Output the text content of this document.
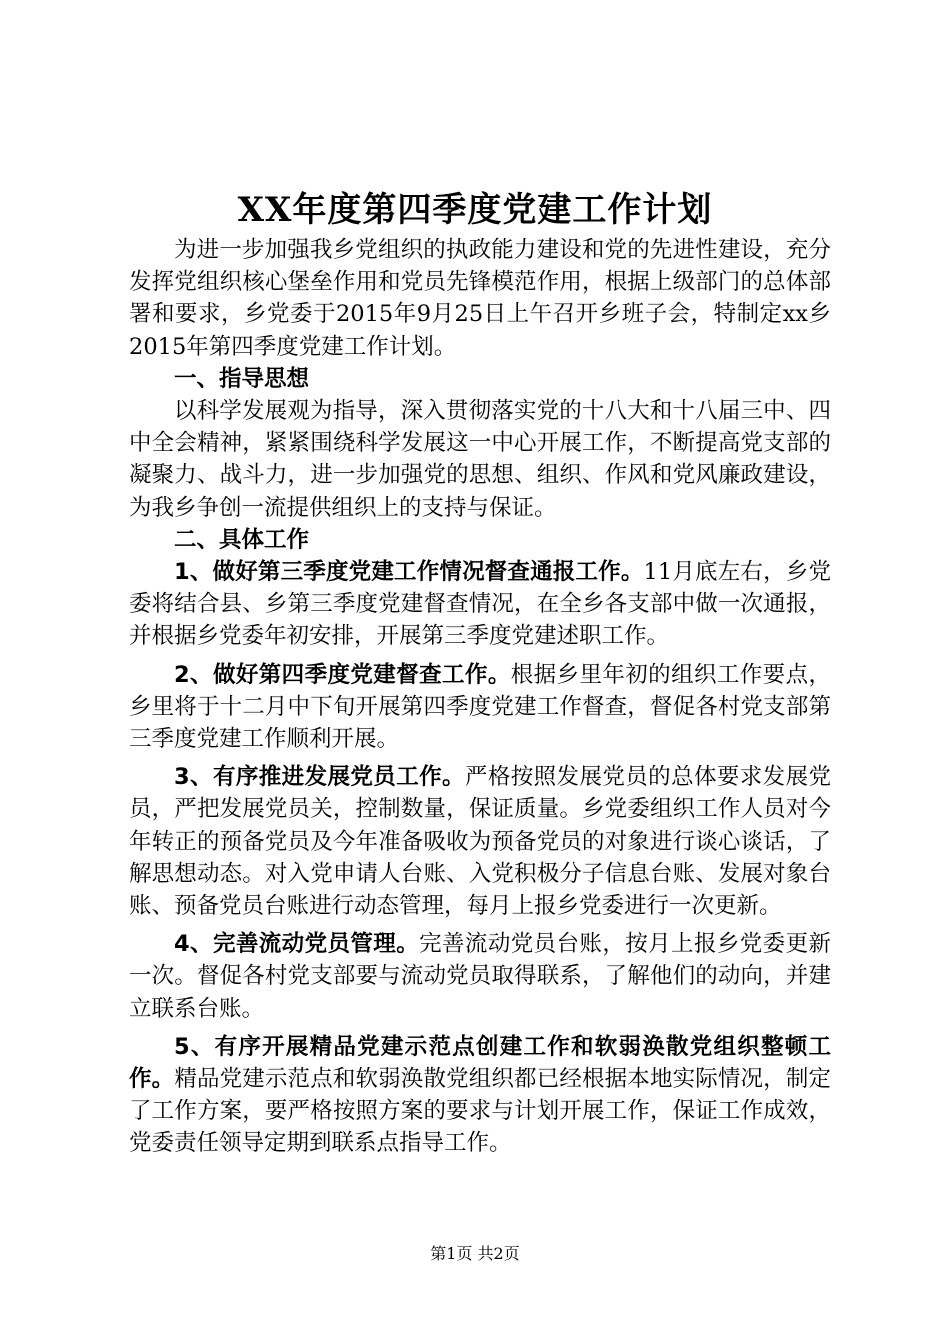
XX年度第四季度党建工作计划

为进一步加强我乡党组织的执政能力建设和党的先进性建设，充分发挥党组织核心堡垒作用和党员先锋模范作用，根据上级部门的总体部署和要求，乡党委于2015年9月25日上午召开乡班子会，特制定xx乡2015年第四季度党建工作计划。

一、指导思想

以科学发展观为指导，深入贯彻落实党的十八大和十八届三中、四中全会精神，紧紧围绕科学发展这一中心开展工作，不断提高党支部的凝聚力、战斗力，进一步加强党的思想、组织、作风和党风廉政建设，为我乡争创一流提供组织上的支持与保证。

二、具体工作

1、做好第三季度党建工作情况督查通报工作。11月底左右，乡党委将结合县、乡第三季度党建督查情况，在全乡各支部中做一次通报，并根据乡党委年初安排，开展第三季度党建述职工作。

2、做好第四季度党建督查工作。根据乡里年初的组织工作要点，乡里将于十二月中下旬开展第四季度党建工作督查，督促各村党支部第三季度党建工作顺利开展。

3、有序推进发展党员工作。严格按照发展党员的总体要求发展党员，严把发展党员关，控制数量，保证质量。乡党委组织工作人员对今年转正的预备党员及今年准备吸收为预备党员的对象进行谈心谈话，了解思想动态。对入党申请人台账、入党积极分子信息台账、发展对象台账、预备党员台账进行动态管理，每月上报乡党委进行一次更新。

4、完善流动党员管理。完善流动党员台账，按月上报乡党委更新一次。督促各村党支部要与流动党员取得联系，了解他们的动向，并建立联系台账。

5、有序开展精品党建示范点创建工作和软弱涣散党组织整顿工作。精品党建示范点和软弱涣散党组织都已经根据本地实际情况，制定了工作方案，要严格按照方案的要求与计划开展工作，保证工作成效，党委责任领导定期到联系点指导工作。

第1页 共2页
